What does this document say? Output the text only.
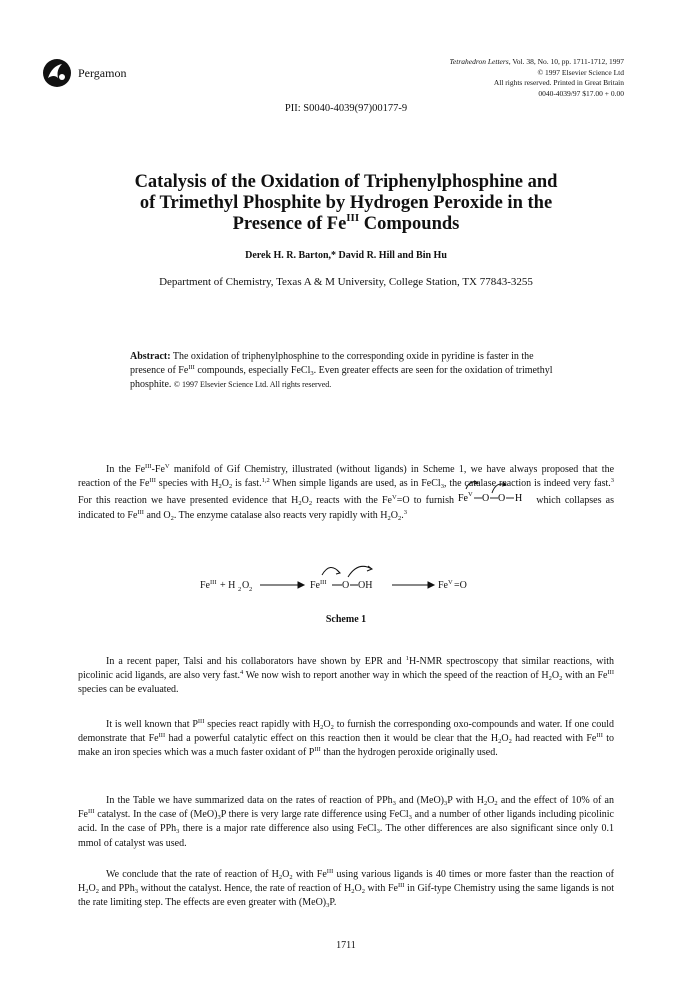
Pergamon
Tetrahedron Letters, Vol. 38, No. 10, pp. 1711-1712, 1997
© 1997 Elsevier Science Ltd
All rights reserved. Printed in Great Britain
0040-4039/97 $17.00 + 0.00
PII: S0040-4039(97)00177-9
Catalysis of the Oxidation of Triphenylphosphine and
of Trimethyl Phosphite by Hydrogen Peroxide in the
Presence of $Fe^{III}$ Compounds
Derek H. R. Barton,* David R. Hill and Bin Hu
Department of Chemistry, Texas A & M University, College Station, TX 77843-3255
Abstract: The oxidation of triphenylphosphine to the corresponding oxide in pyridine is faster in the presence of $Fe^{III}$ compounds, especially FeCl$_3$. Even greater effects are seen for the oxidation of trimethyl phosphite. © 1997 Elsevier Science Ltd. All rights reserved.

In the $Fe^{III}-Fe^V$ manifold of Gif Chemistry, illustrated (without ligands) in Scheme 1, we have always proposed that the reaction of the $Fe^{III}$ species with $H_2O_2$ is fast.$^{1,2}$ When simple ligands are used, as in FeCl$_3$, the catalase reaction is indeed very fast.$^3$ For this reaction we have presented evidence that $H_2O_2$ reacts with the $Fe^V=O$ to furnish Fe V O O H which collapses as indicated to $Fe^{III}$ and $O_2$. The enzyme catalase also reacts very rapidly with $H_2O_2.^3$

Fe III + H 2 O 2	Fe III O OH	Fe V =O
Scheme 1

In a recent paper, Talsi and his collaborators have shown by EPR and $^1$H-NMR spectroscopy that similar reactions, with picolinic acid ligands, are also very fast.$^4$ We now wish to report another way in which the speed of the reaction of $H_2O_2$ with an $Fe^{III}$ species can be evaluated.

It is well known that $P^{III}$ species react rapidly with $H_2O_2$ to furnish the corresponding oxo-compounds and water. If one could demonstrate that $Fe^{III}$ had a powerful catalytic effect on this reaction then it would be clear that the $H_2O_2$ had reacted with $Fe^{III}$ to make an iron species which was a much faster oxidant of $P^{III}$ than the hydrogen peroxide originally used.

In the Table we have summarized data on the rates of reaction of PPh$_3$ and $(MeO)_3P$ with $H_2O_2$ and the effect of 10% of an $Fe^{III}$ catalyst. In the case of $(MeO)_3P$ there is very large rate difference using FeCl$_3$ and a number of other ligands including picolinic acid. In the case of PPh$_3$ there is a major rate difference also using FeCl$_3$. The other differences are also significant since only 0.1 mmol of catalyst was used.

We conclude that the rate of reaction of $H_2O_2$ with $Fe^{III}$ using various ligands is 40 times or more faster than the reaction of $H_2O_2$ and PPh$_3$ without the catalyst. Hence, the rate of reaction of $H_2O_2$ with $Fe^{III}$ in Gif-type Chemistry using the same ligands is not the rate limiting step. The effects are even greater with $(MeO)_3P$.

1711
